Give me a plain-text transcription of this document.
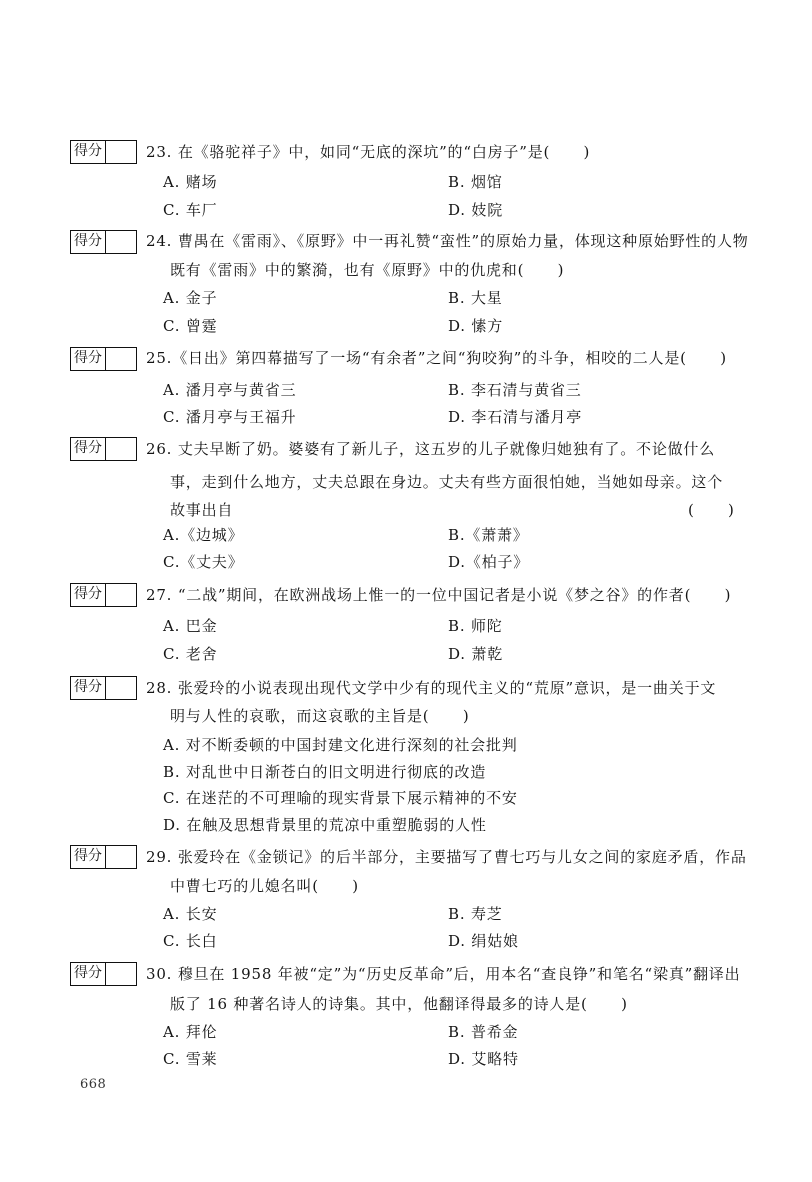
得分	23. 在《骆驼祥子》中，如同“无底的深坑”的“白房子”是(      )
A. 赌场	B. 烟馆
C. 车厂	D. 妓院
得分	24. 曹禺在《雷雨》、《原野》中一再礼赞“蛮性”的原始力量，体现这种原始野性的人物
既有《雷雨》中的繁漪，也有《原野》中的仇虎和(      )
A. 金子	B. 大星
C. 曾霆	D. 愫方
得分	25.《日出》第四幕描写了一场“有余者”之间“狗咬狗”的斗争，相咬的二人是(      )
A. 潘月亭与黄省三	B. 李石清与黄省三
C. 潘月亭与王福升	D. 李石清与潘月亭
得分	26. 丈夫早断了奶。婆婆有了新儿子，这五岁的儿子就像归她独有了。不论做什么
事，走到什么地方，丈夫总跟在身边。丈夫有些方面很怕她，当她如母亲。这个
故事出自	(      )
A.《边城》	B.《萧萧》
C.《丈夫》	D.《柏子》
得分	27. “二战”期间，在欧洲战场上惟一的一位中国记者是小说《梦之谷》的作者(      )
A. 巴金	B. 师陀
C. 老舍	D. 萧乾
得分	28. 张爱玲的小说表现出现代文学中少有的现代主义的“荒原”意识，是一曲关于文
明与人性的哀歌，而这哀歌的主旨是(      )
A. 对不断委顿的中国封建文化进行深刻的社会批判
B. 对乱世中日渐苍白的旧文明进行彻底的改造
C. 在迷茫的不可理喻的现实背景下展示精神的不安
D. 在触及思想背景里的荒凉中重塑脆弱的人性
得分	29. 张爱玲在《金锁记》的后半部分，主要描写了曹七巧与儿女之间的家庭矛盾，作品
中曹七巧的儿媳名叫(      )
A. 长安	B. 寿芝
C. 长白	D. 绢姑娘
得分	30. 穆旦在 1958 年被“定”为“历史反革命”后，用本名“查良铮”和笔名“梁真”翻译出
版了 16 种著名诗人的诗集。其中，他翻译得最多的诗人是(      )
A. 拜伦	B. 普希金
C. 雪莱	D. 艾略特
668
